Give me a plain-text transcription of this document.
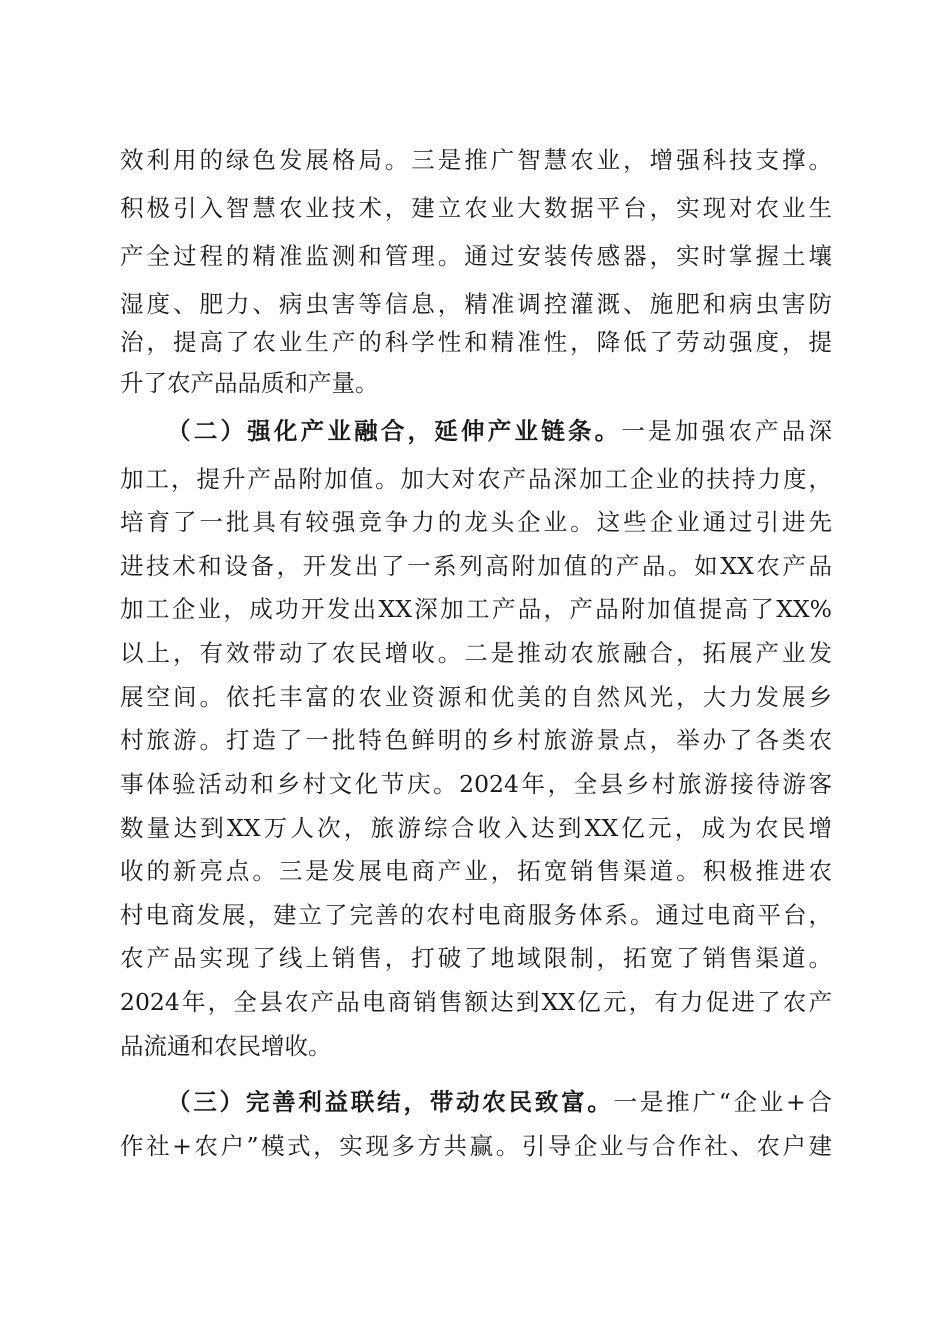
效利用的绿色发展格局。三是推广智慧农业，增强科技支撑。
积极引入智慧农业技术，建立农业大数据平台，实现对农业生
产全过程的精准监测和管理。通过安装传感器，实时掌握土壤
湿度、肥力、病虫害等信息，精准调控灌溉、施肥和病虫害防
治，提高了农业生产的科学性和精准性，降低了劳动强度，提
升了农产品品质和产量。
（二）强化产业融合，延伸产业链条。一是加强农产品深
加工，提升产品附加值。加大对农产品深加工企业的扶持力度，
培育了一批具有较强竞争力的龙头企业。这些企业通过引进先
进技术和设备，开发出了一系列高附加值的产品。如XX农产品
加工企业，成功开发出XX深加工产品，产品附加值提高了XX%
以上，有效带动了农民增收。二是推动农旅融合，拓展产业发
展空间。依托丰富的农业资源和优美的自然风光，大力发展乡
村旅游。打造了一批特色鲜明的乡村旅游景点，举办了各类农
事体验活动和乡村文化节庆。2024年，全县乡村旅游接待游客
数量达到XX万人次，旅游综合收入达到XX亿元，成为农民增
收的新亮点。三是发展电商产业，拓宽销售渠道。积极推进农
村电商发展，建立了完善的农村电商服务体系。通过电商平台，
农产品实现了线上销售，打破了地域限制，拓宽了销售渠道。
2024年，全县农产品电商销售额达到XX亿元，有力促进了农产
品流通和农民增收。
（三）完善利益联结，带动农民致富。一是推广“企业+合
作社+农户”模式，实现多方共赢。引导企业与合作社、农户建
